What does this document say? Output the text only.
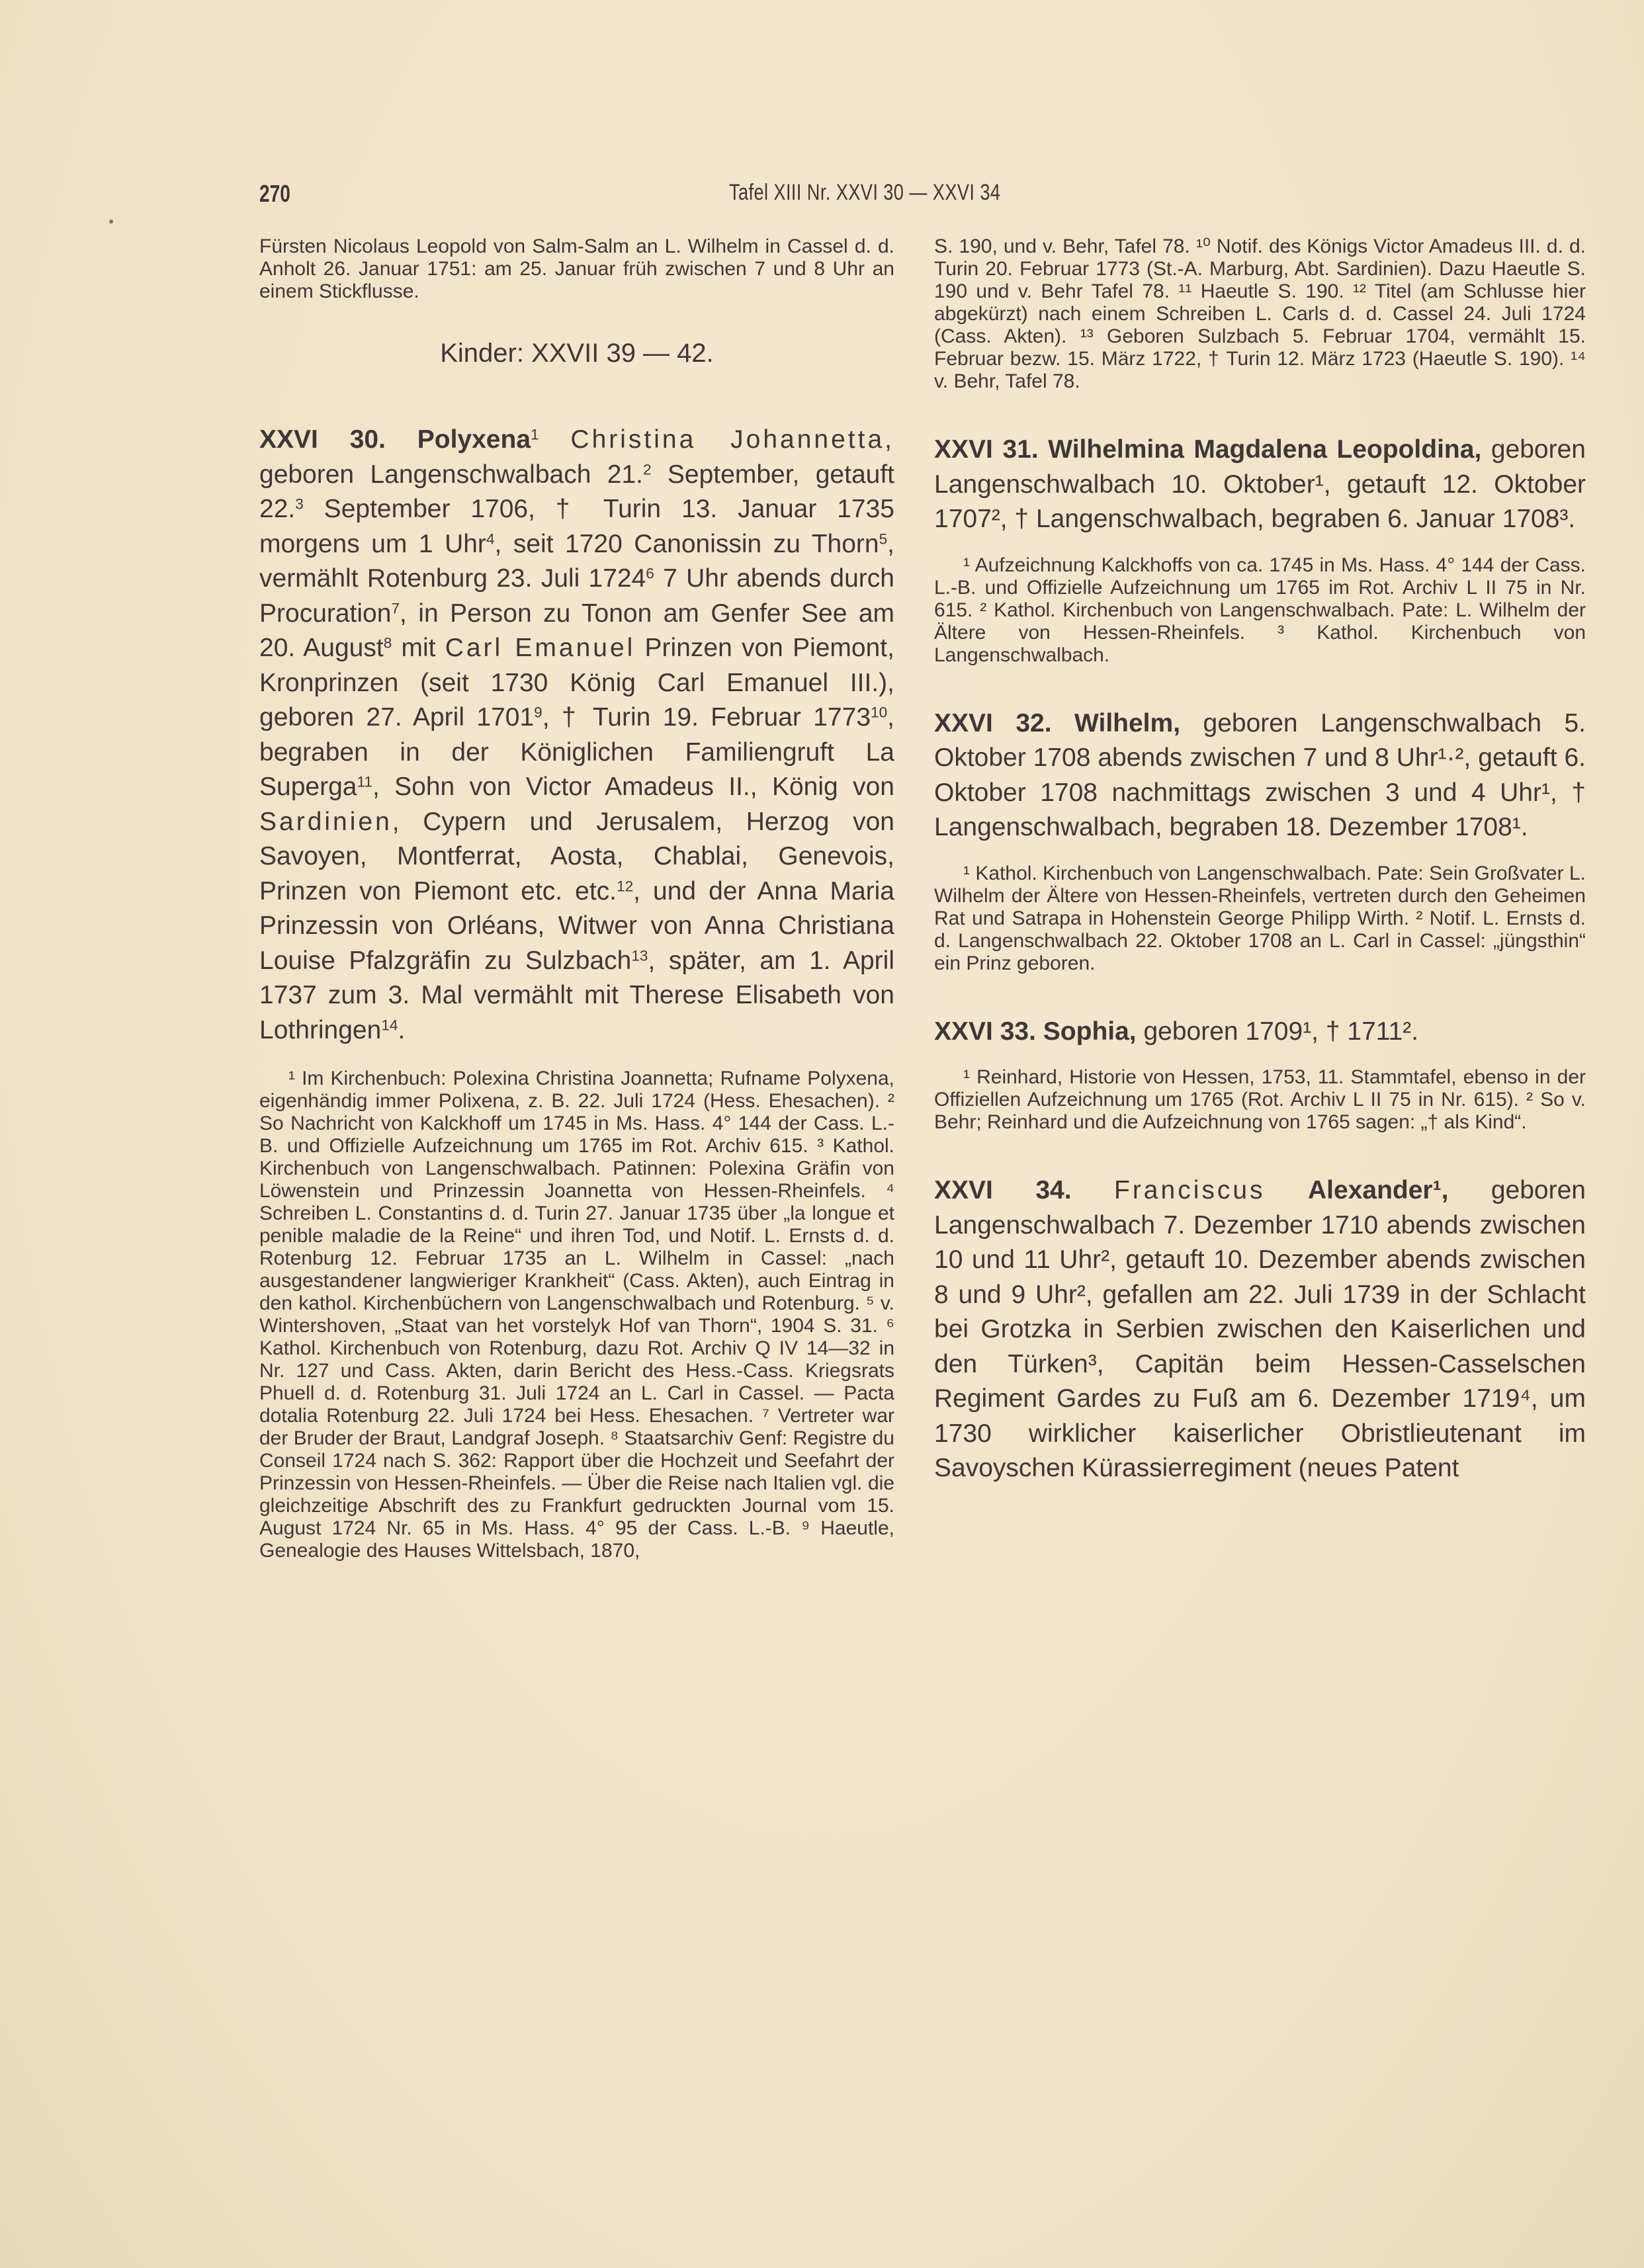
270	Tafel XIII Nr. XXVI 30 — XXVI 34

Fürsten Nicolaus Leopold von Salm-Salm an L. Wilhelm in Cassel d. d. Anholt 26. Januar 1751: am 25. Januar früh zwischen 7 und 8 Uhr an einem Stickflusse.

Kinder: XXVII 39 — 42.

XXVI 30. Polyxena$^1$ Christina Johannetta, geboren Langenschwalbach 21.$^2$ September, getauft 22.$^3$ September 1706, † Turin 13. Januar 1735 morgens um 1 Uhr$^4$, seit 1720 Canonissin zu Thorn$^5$, vermählt Rotenburg 23. Juli 1724$^6$ 7 Uhr abends durch Procuration$^7$, in Person zu Tonon am Genfer See am 20. August$^8$ mit Carl Emanuel Prinzen von Piemont, Kronprinzen (seit 1730 König Carl Emanuel III.), geboren 27. April 1701$^9$, † Turin 19. Februar 1773$^{10}$, begraben in der Königlichen Familiengruft La Superga$^{11}$, Sohn von Victor Amadeus II., König von Sardinien, Cypern und Jerusalem, Herzog von Savoyen, Montferrat, Aosta, Chablai, Genevois, Prinzen von Piemont etc. etc.$^{12}$, und der Anna Maria Prinzessin von Orléans, Witwer von Anna Christiana Louise Pfalzgräfin zu Sulzbach$^{13}$, später, am 1. April 1737 zum 3. Mal vermählt mit Therese Elisabeth von Lothringen$^{14}$.

¹ Im Kirchenbuch: Polexina Christina Joannetta; Rufname Polyxena, eigenhändig immer Polixena, z. B. 22. Juli 1724 (Hess. Ehesachen). ² So Nachricht von Kalckhoff um 1745 in Ms. Hass. 4° 144 der Cass. L.-B. und Offizielle Aufzeichnung um 1765 im Rot. Archiv 615. ³ Kathol. Kirchenbuch von Langenschwalbach. Patinnen: Polexina Gräfin von Löwenstein und Prinzessin Joannetta von Hessen-Rheinfels. ⁴ Schreiben L. Constantins d. d. Turin 27. Januar 1735 über „la longue et penible maladie de la Reine“ und ihren Tod, und Notif. L. Ernsts d. d. Rotenburg 12. Februar 1735 an L. Wilhelm in Cassel: „nach ausgestandener langwieriger Krankheit“ (Cass. Akten), auch Eintrag in den kathol. Kirchenbüchern von Langenschwalbach und Rotenburg. ⁵ v. Wintershoven, „Staat van het vorstelyk Hof van Thorn“, 1904 S. 31. ⁶ Kathol. Kirchenbuch von Rotenburg, dazu Rot. Archiv Q IV 14—32 in Nr. 127 und Cass. Akten, darin Bericht des Hess.-Cass. Kriegsrats Phuell d. d. Rotenburg 31. Juli 1724 an L. Carl in Cassel. — Pacta dotalia Rotenburg 22. Juli 1724 bei Hess. Ehesachen. ⁷ Vertreter war der Bruder der Braut, Landgraf Joseph. ⁸ Staatsarchiv Genf: Registre du Conseil 1724 nach S. 362: Rapport über die Hochzeit und Seefahrt der Prinzessin von Hessen-Rheinfels. — Über die Reise nach Italien vgl. die gleichzeitige Abschrift des zu Frankfurt gedruckten Journal vom 15. August 1724 Nr. 65 in Ms. Hass. 4° 95 der Cass. L.-B. ⁹ Haeutle, Genealogie des Hauses Wittelsbach, 1870,

S. 190, und v. Behr, Tafel 78. ¹⁰ Notif. des Königs Victor Amadeus III. d. d. Turin 20. Februar 1773 (St.-A. Marburg, Abt. Sardinien). Dazu Haeutle S. 190 und v. Behr Tafel 78. ¹¹ Haeutle S. 190. ¹² Titel (am Schlusse hier abgekürzt) nach einem Schreiben L. Carls d. d. Cassel 24. Juli 1724 (Cass. Akten). ¹³ Geboren Sulzbach 5. Februar 1704, vermählt 15. Februar bezw. 15. März 1722, † Turin 12. März 1723 (Haeutle S. 190). ¹⁴ v. Behr, Tafel 78.

XXVI 31. Wilhelmina Magdalena Leopoldina, geboren Langenschwalbach 10. Oktober¹, getauft 12. Oktober 1707², † Langenschwalbach, begraben 6. Januar 1708³.

¹ Aufzeichnung Kalckhoffs von ca. 1745 in Ms. Hass. 4° 144 der Cass. L.-B. und Offizielle Aufzeichnung um 1765 im Rot. Archiv L II 75 in Nr. 615. ² Kathol. Kirchenbuch von Langenschwalbach. Pate: L. Wilhelm der Ältere von Hessen-Rheinfels. ³ Kathol. Kirchenbuch von Langenschwalbach.

XXVI 32. Wilhelm, geboren Langenschwalbach 5. Oktober 1708 abends zwischen 7 und 8 Uhr¹·², getauft 6. Oktober 1708 nachmittags zwischen 3 und 4 Uhr¹, † Langenschwalbach, begraben 18. Dezember 1708¹.

¹ Kathol. Kirchenbuch von Langenschwalbach. Pate: Sein Großvater L. Wilhelm der Ältere von Hessen-Rheinfels, vertreten durch den Geheimen Rat und Satrapa in Hohenstein George Philipp Wirth. ² Notif. L. Ernsts d. d. Langenschwalbach 22. Oktober 1708 an L. Carl in Cassel: „jüngsthin“ ein Prinz geboren.

XXVI 33. Sophia, geboren 1709¹, † 1711².

¹ Reinhard, Historie von Hessen, 1753, 11. Stammtafel, ebenso in der Offiziellen Aufzeichnung um 1765 (Rot. Archiv L II 75 in Nr. 615). ² So v. Behr; Reinhard und die Aufzeichnung von 1765 sagen: „† als Kind“.

XXVI 34. Franciscus Alexander¹, geboren Langenschwalbach 7. Dezember 1710 abends zwischen 10 und 11 Uhr², getauft 10. Dezember abends zwischen 8 und 9 Uhr², gefallen am 22. Juli 1739 in der Schlacht bei Grotzka in Serbien zwischen den Kaiserlichen und den Türken³, Capitän beim Hessen-Casselschen Regiment Gardes zu Fuß am 6. Dezember 1719⁴, um 1730 wirklicher kaiserlicher Obristlieutenant im Savoyschen Kürassierregiment (neues Patent
